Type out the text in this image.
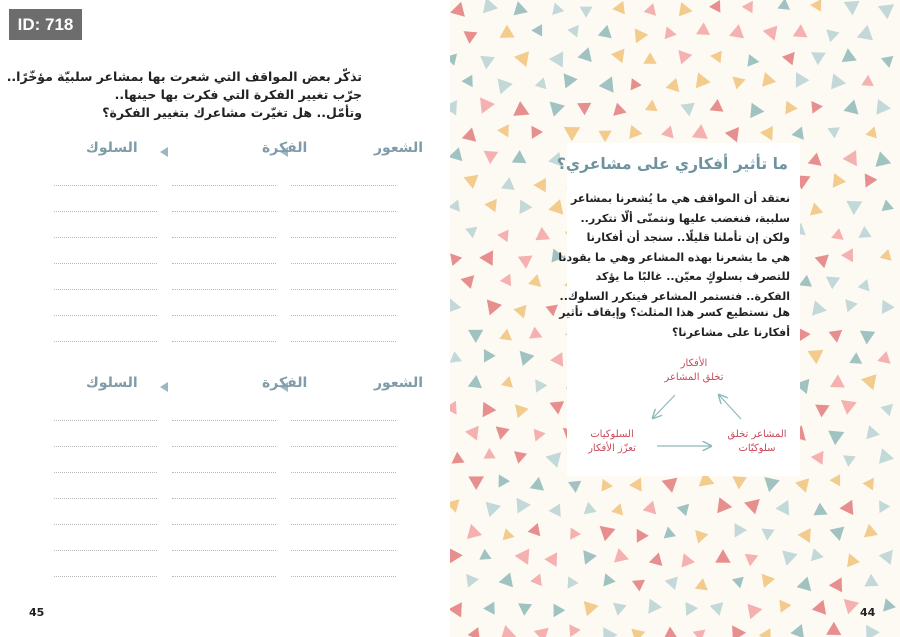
ID: 718
تذكّر بعض المواقف التي شعرت بها بمشاعر سلبيّة مؤخّرًا..
جرّب تغيير الفكرة التي فكرت بها حينها..
وتأمّل.. هل تغيّرت مشاعرك بتغيير الفكرة؟
الشعور
الفكرة
السلوك
الشعور
الفكرة
السلوك
45
ما تأثير أفكاري على مشاعري؟
نعتقد أن المواقف هي ما يُشعرنا بمشاعر
سلبية، فنغضب عليها ونتمنّى ألّا تتكرر..
ولكن إن تأملنا قليلًا.. سنجد أن أفكارنا
هي ما يشعرنا بهذه المشاعر وهي ما يقودنا
للتصرف بسلوكٍ معيّن.. غالبًا ما يؤكد
الفكرة.. فتستمر المشاعر فيتكرر السلوك..
هل نستطيع كسر هذا المثلث؟ وإيقاف تأثير
أفكارنا على مشاعرنا؟
الأفكار
تخلق المشاعر
السلوكيات
تعزّز الأفكار
المشاعر تخلق
سلوكيّات
44
